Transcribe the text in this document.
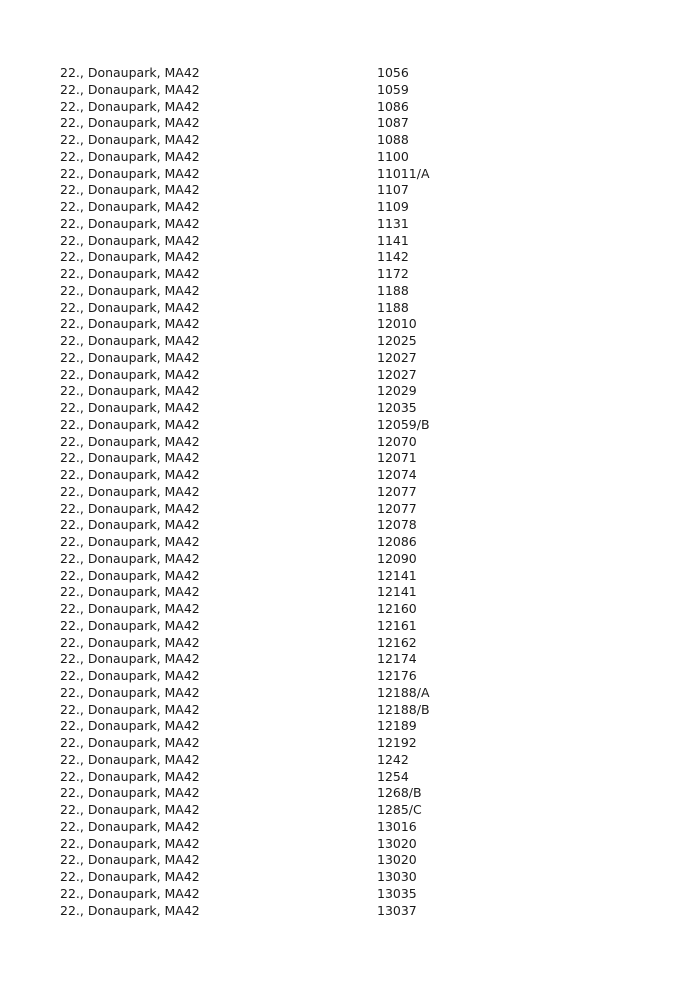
22., Donaupark, MA42	1056
22., Donaupark, MA42	1059
22., Donaupark, MA42	1086
22., Donaupark, MA42	1087
22., Donaupark, MA42	1088
22., Donaupark, MA42	1100
22., Donaupark, MA42	11011/A
22., Donaupark, MA42	1107
22., Donaupark, MA42	1109
22., Donaupark, MA42	1131
22., Donaupark, MA42	1141
22., Donaupark, MA42	1142
22., Donaupark, MA42	1172
22., Donaupark, MA42	1188
22., Donaupark, MA42	1188
22., Donaupark, MA42	12010
22., Donaupark, MA42	12025
22., Donaupark, MA42	12027
22., Donaupark, MA42	12027
22., Donaupark, MA42	12029
22., Donaupark, MA42	12035
22., Donaupark, MA42	12059/B
22., Donaupark, MA42	12070
22., Donaupark, MA42	12071
22., Donaupark, MA42	12074
22., Donaupark, MA42	12077
22., Donaupark, MA42	12077
22., Donaupark, MA42	12078
22., Donaupark, MA42	12086
22., Donaupark, MA42	12090
22., Donaupark, MA42	12141
22., Donaupark, MA42	12141
22., Donaupark, MA42	12160
22., Donaupark, MA42	12161
22., Donaupark, MA42	12162
22., Donaupark, MA42	12174
22., Donaupark, MA42	12176
22., Donaupark, MA42	12188/A
22., Donaupark, MA42	12188/B
22., Donaupark, MA42	12189
22., Donaupark, MA42	12192
22., Donaupark, MA42	1242
22., Donaupark, MA42	1254
22., Donaupark, MA42	1268/B
22., Donaupark, MA42	1285/C
22., Donaupark, MA42	13016
22., Donaupark, MA42	13020
22., Donaupark, MA42	13020
22., Donaupark, MA42	13030
22., Donaupark, MA42	13035
22., Donaupark, MA42	13037
